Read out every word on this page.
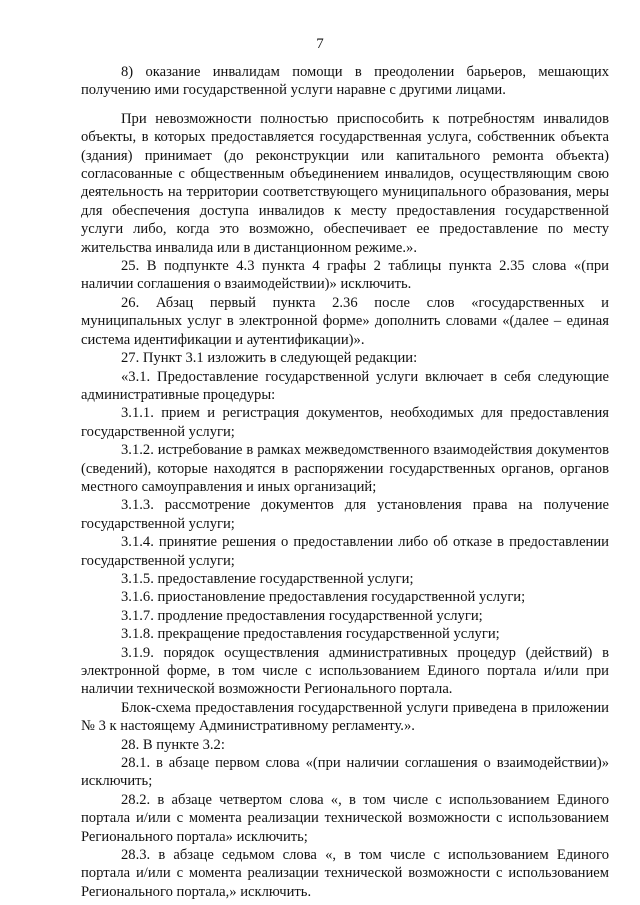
7

8) оказание инвалидам помощи в преодолении барьеров, мешающих получению ими государственной услуги наравне с другими лицами.

При невозможности полностью приспособить к потребностям инвалидов объекты, в которых предоставляется государственная услуга, собственник объекта (здания) принимает (до реконструкции или капитального ремонта объекта) согласованные с общественным объединением инвалидов, осуществляющим свою деятельность на территории соответствующего муниципального образования, меры для обеспечения доступа инвалидов к месту предоставления государственной услуги либо, когда это возможно, обеспечивает ее предоставление по месту жительства инвалида или в дистанционном режиме.».

25. В подпункте 4.3 пункта 4 графы 2 таблицы пункта 2.35 слова «(при наличии соглашения о взаимодействии)» исключить.

26. Абзац первый пункта 2.36 после слов «государственных и муниципальных услуг в электронной форме» дополнить словами «(далее – единая система идентификации и аутентификации)».

27. Пункт 3.1 изложить в следующей редакции:

«3.1. Предоставление государственной услуги включает в себя следующие административные процедуры:

3.1.1. прием и регистрация документов, необходимых для предоставления государственной услуги;

3.1.2. истребование в рамках межведомственного взаимодействия документов (сведений), которые находятся в распоряжении государственных органов, органов местного самоуправления и иных организаций;

3.1.3. рассмотрение документов для установления права на получение государственной услуги;

3.1.4. принятие решения о предоставлении либо об отказе в предоставлении государственной услуги;

3.1.5. предоставление государственной услуги;

3.1.6. приостановление предоставления государственной услуги;

3.1.7. продление предоставления государственной услуги;

3.1.8. прекращение предоставления государственной услуги;

3.1.9. порядок осуществления административных процедур (действий) в электронной форме, в том числе с использованием Единого портала и/или при наличии технической возможности Регионального портала.

Блок-схема предоставления государственной услуги приведена в приложении № 3 к настоящему Административному регламенту.».

28. В пункте 3.2:

28.1. в абзаце первом слова «(при наличии соглашения о взаимодействии)» исключить;

28.2. в абзаце четвертом слова «, в том числе с использованием Единого портала и/или с момента реализации технической возможности с использованием Регионального портала» исключить;

28.3. в абзаце седьмом слова «, в том числе с использованием Единого портала и/или с момента реализации технической возможности с использованием Регионального портала,» исключить.
